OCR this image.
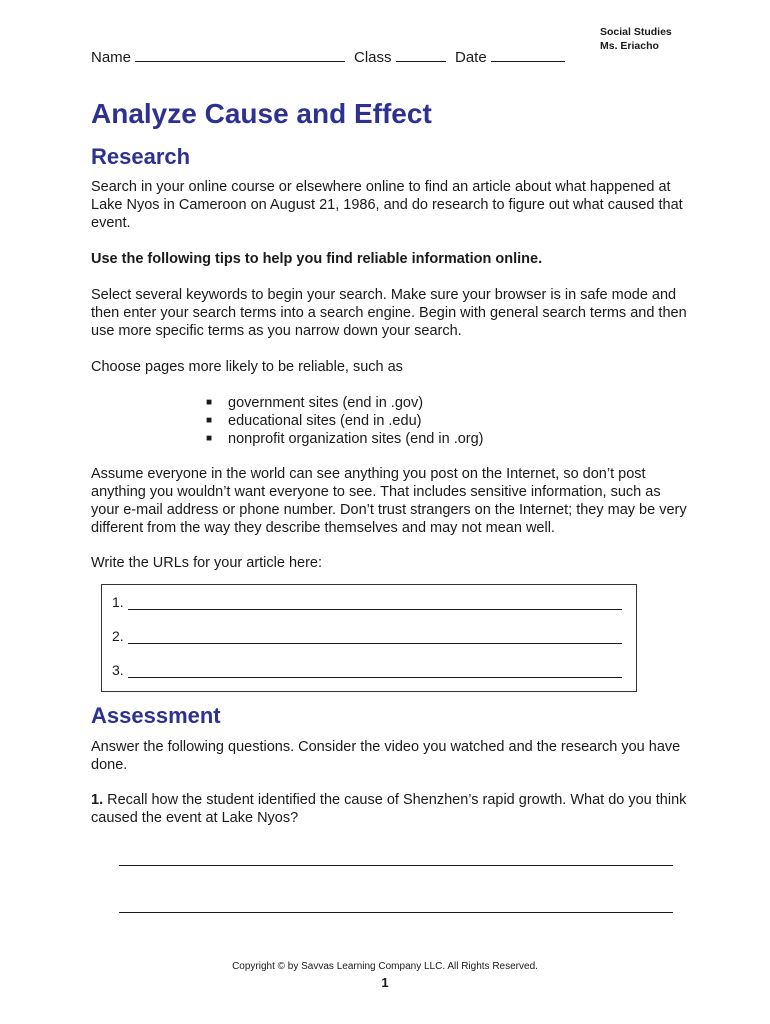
Social Studies
Ms. Eriacho
Name	Class	Date
Analyze Cause and Effect
Research
Search in your online course or elsewhere online to find an article about what happened at Lake Nyos in Cameroon on August 21, 1986, and do research to figure out what caused that event.
Use the following tips to help you find reliable information online.
Select several keywords to begin your search. Make sure your browser is in safe mode and then enter your search terms into a search engine. Begin with general search terms and then use more specific terms as you narrow down your search.
Choose pages more likely to be reliable, such as
■	government sites (end in .gov)
■	educational sites (end in .edu)
■	nonprofit organization sites (end in .org)
Assume everyone in the world can see anything you post on the Internet, so don’t post anything you wouldn’t want everyone to see. That includes sensitive information, such as your e-mail address or phone number. Don’t trust strangers on the Internet; they may be very different from the way they describe themselves and may not mean well.
Write the URLs for your article here:
1.
2.
3.
Assessment
Answer the following questions. Consider the video you watched and the research you have done.
1. Recall how the student identified the cause of Shenzhen’s rapid growth. What do you think caused the event at Lake Nyos?
Copyright © by Savvas Learning Company LLC. All Rights Reserved.
1
